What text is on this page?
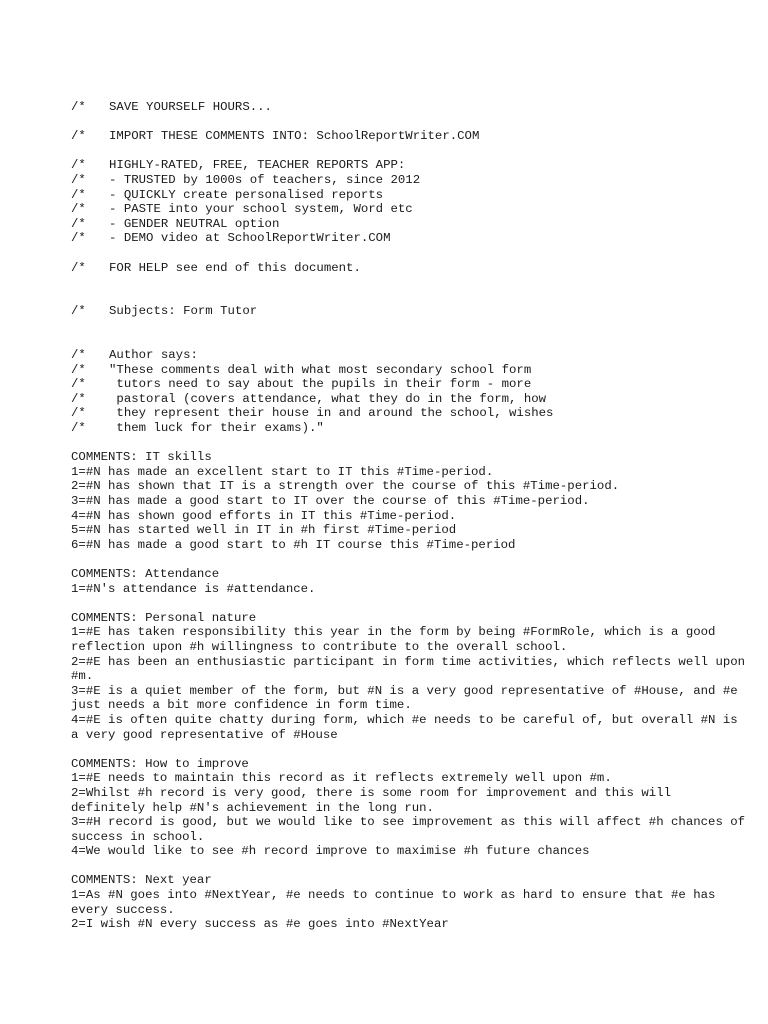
/*	SAVE YOURSELF HOURS...
/*	IMPORT THESE COMMENTS INTO: SchoolReportWriter.COM
/*	HIGHLY-RATED, FREE, TEACHER REPORTS APP:
/*	- TRUSTED by 1000s of teachers, since 2012
/*	- QUICKLY create personalised reports
/*	- PASTE into your school system, Word etc
/*	- GENDER NEUTRAL option
/*	- DEMO video at SchoolReportWriter.COM
/*	FOR HELP see end of this document.
/*	Subjects: Form Tutor
/*	Author says:
/*	"These comments deal with what most secondary school form
/*	tutors need to say about the pupils in their form - more
/*	pastoral (covers attendance, what they do in the form, how
/*	they represent their house in and around the school, wishes
/*	them luck for their exams)."
COMMENTS: IT skills
1=#N has made an excellent start to IT this #Time-period.
2=#N has shown that IT is a strength over the course of this #Time-period.
3=#N has made a good start to IT over the course of this #Time-period.
4=#N has shown good efforts in IT this #Time-period.
5=#N has started well in IT in #h first #Time-period
6=#N has made a good start to #h IT course this #Time-period
COMMENTS: Attendance
1=#N's attendance is #attendance.
COMMENTS: Personal nature
1=#E has taken responsibility this year in the form by being #FormRole, which is a good reflection upon #h willingness to contribute to the overall school.
2=#E has been an enthusiastic participant in form time activities, which reflects well upon #m.
3=#E is a quiet member of the form, but #N is a very good representative of #House, and #e just needs a bit more confidence in form time.
4=#E is often quite chatty during form, which #e needs to be careful of, but overall #N is a very good representative of #House
COMMENTS: How to improve
1=#E needs to maintain this record as it reflects extremely well upon #m.
2=Whilst #h record is very good, there is some room for improvement and this will definitely help #N's achievement in the long run.
3=#H record is good, but we would like to see improvement as this will affect #h chances of success in school.
4=We would like to see #h record improve to maximise #h future chances
COMMENTS: Next year
1=As #N goes into #NextYear, #e needs to continue to work as hard to ensure that #e has every success.
2=I wish #N every success as #e goes into #NextYear
